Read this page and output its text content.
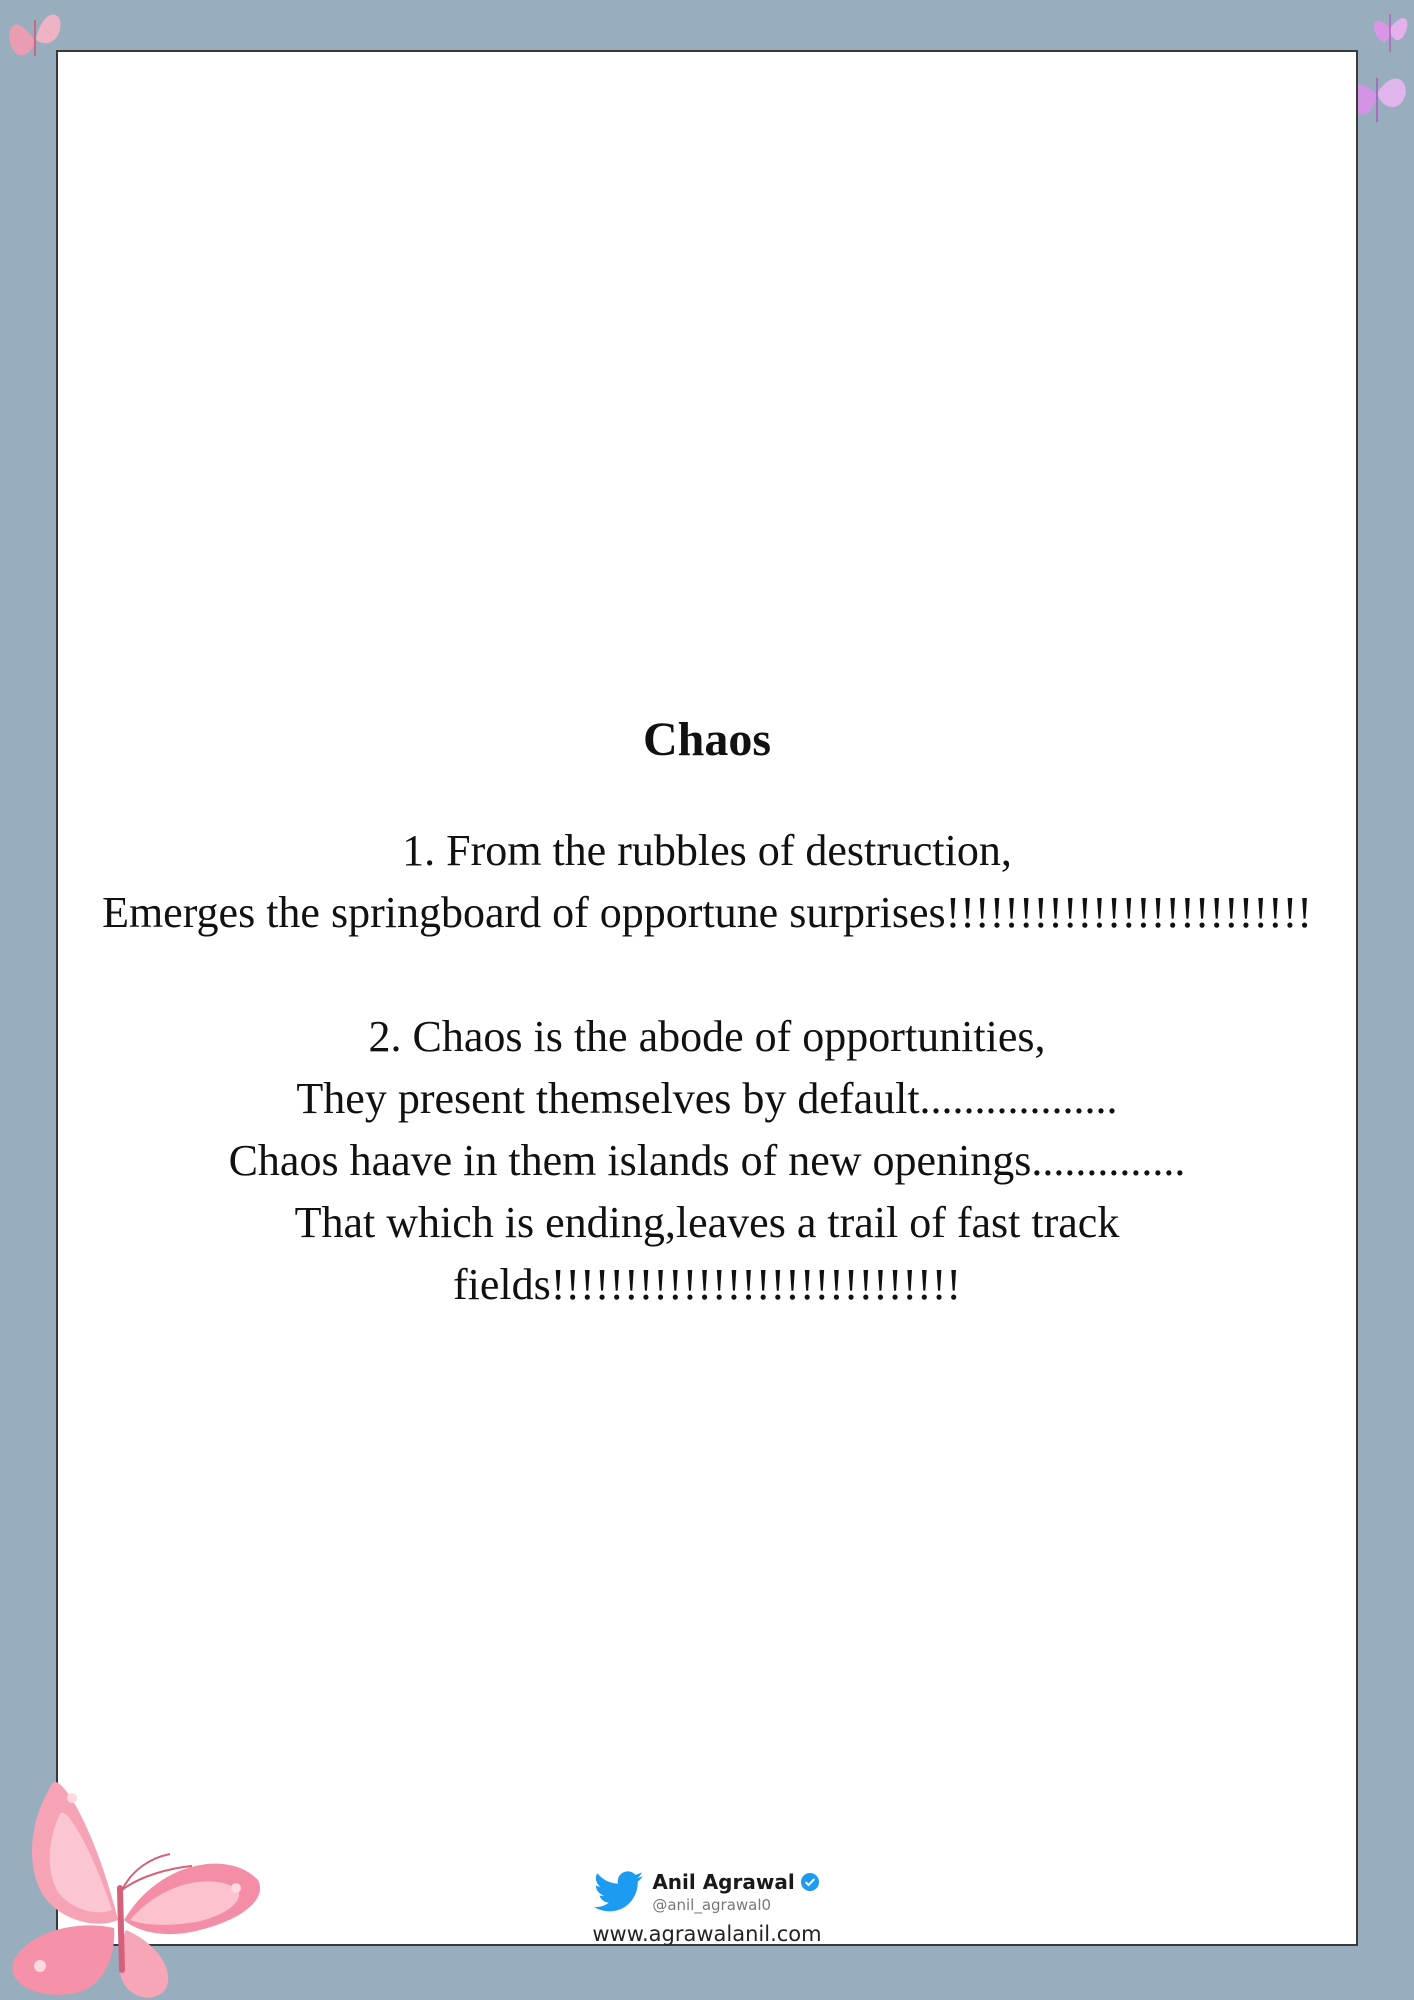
Chaos
1. From the rubbles of destruction,
Emerges the springboard of opportune surprises!!!!!!!!!!!!!!!!!!!!!!!!!
2. Chaos is the abode of opportunities,
They present themselves by default..................
Chaos haave in them islands of new openings..............
That which is ending,leaves a trail of fast track
fields!!!!!!!!!!!!!!!!!!!!!!!!!!!!
Anil Agrawal
@anil_agrawal0
www.agrawalanil.com
